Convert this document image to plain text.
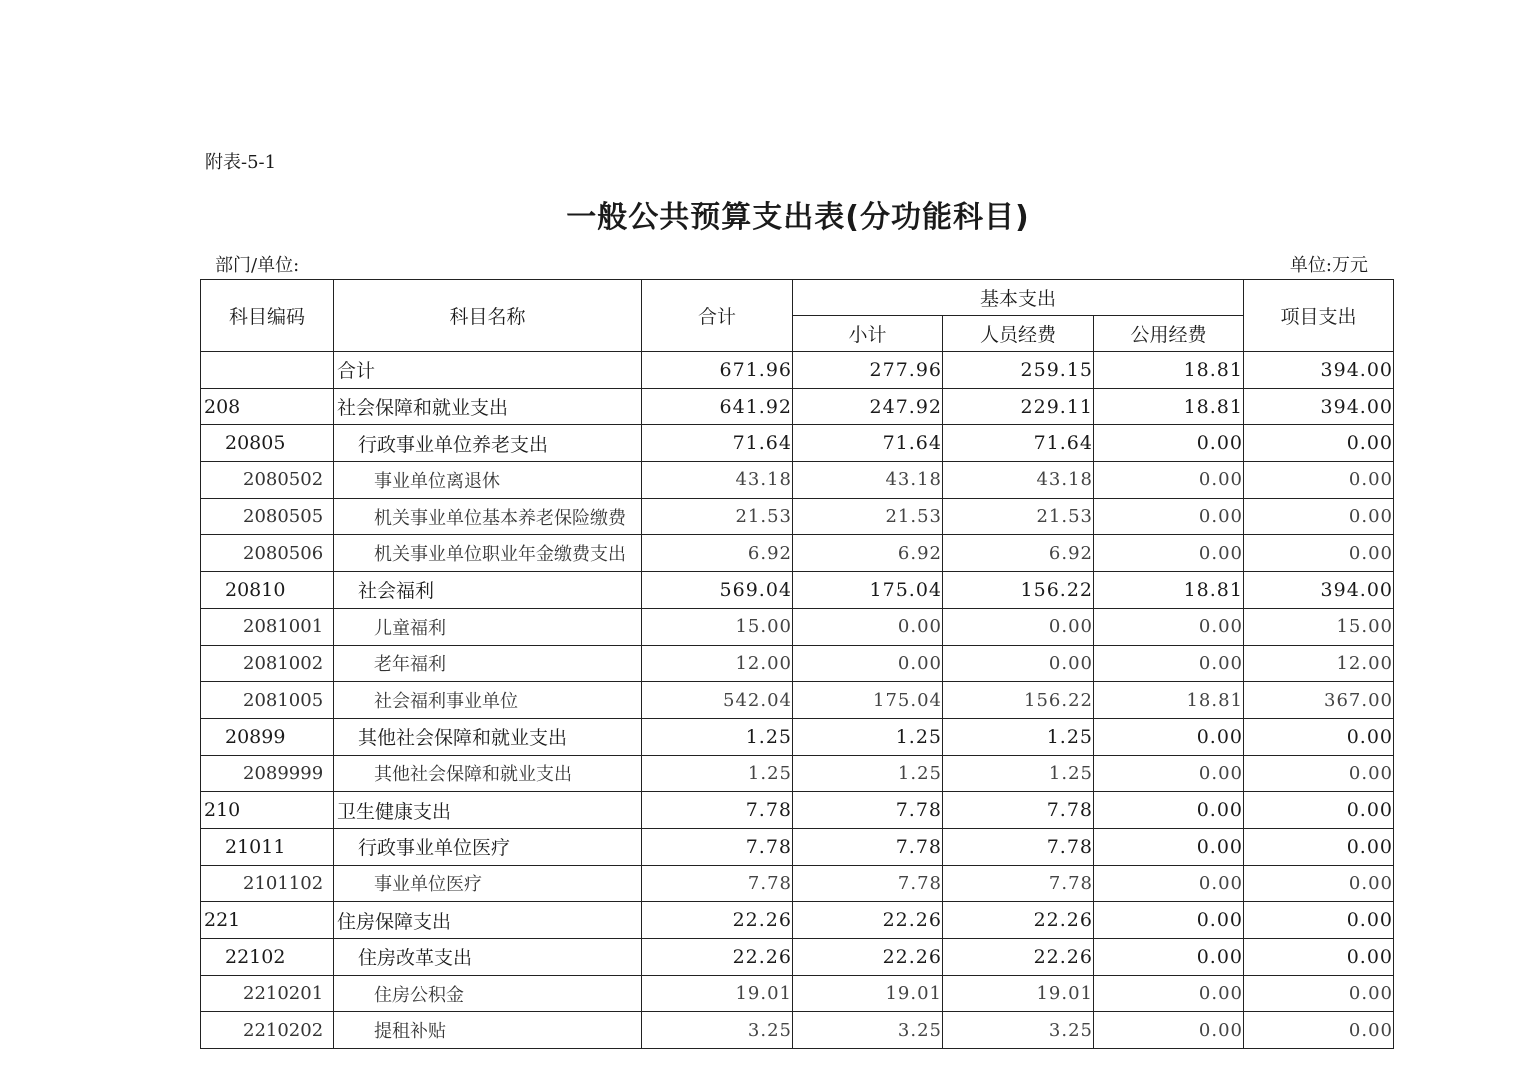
附表-5-1
一般公共预算支出表(分功能科目)
部门/单位:	单位:万元
科目编码	科目名称	合计	基本支出			项目支出
			小计	人员经费	公用经费	
	合计	671.96	277.96	259.15	18.81	394.00
208	社会保障和就业支出	641.92	247.92	229.11	18.81	394.00
20805	行政事业单位养老支出	71.64	71.64	71.64	0.00	0.00
2080502	事业单位离退休	43.18	43.18	43.18	0.00	0.00
2080505	机关事业单位基本养老保险缴费	21.53	21.53	21.53	0.00	0.00
2080506	机关事业单位职业年金缴费支出	6.92	6.92	6.92	0.00	0.00
20810	社会福利	569.04	175.04	156.22	18.81	394.00
2081001	儿童福利	15.00	0.00	0.00	0.00	15.00
2081002	老年福利	12.00	0.00	0.00	0.00	12.00
2081005	社会福利事业单位	542.04	175.04	156.22	18.81	367.00
20899	其他社会保障和就业支出	1.25	1.25	1.25	0.00	0.00
2089999	其他社会保障和就业支出	1.25	1.25	1.25	0.00	0.00
210	卫生健康支出	7.78	7.78	7.78	0.00	0.00
21011	行政事业单位医疗	7.78	7.78	7.78	0.00	0.00
2101102	事业单位医疗	7.78	7.78	7.78	0.00	0.00
221	住房保障支出	22.26	22.26	22.26	0.00	0.00
22102	住房改革支出	22.26	22.26	22.26	0.00	0.00
2210201	住房公积金	19.01	19.01	19.01	0.00	0.00
2210202	提租补贴	3.25	3.25	3.25	0.00	0.00
